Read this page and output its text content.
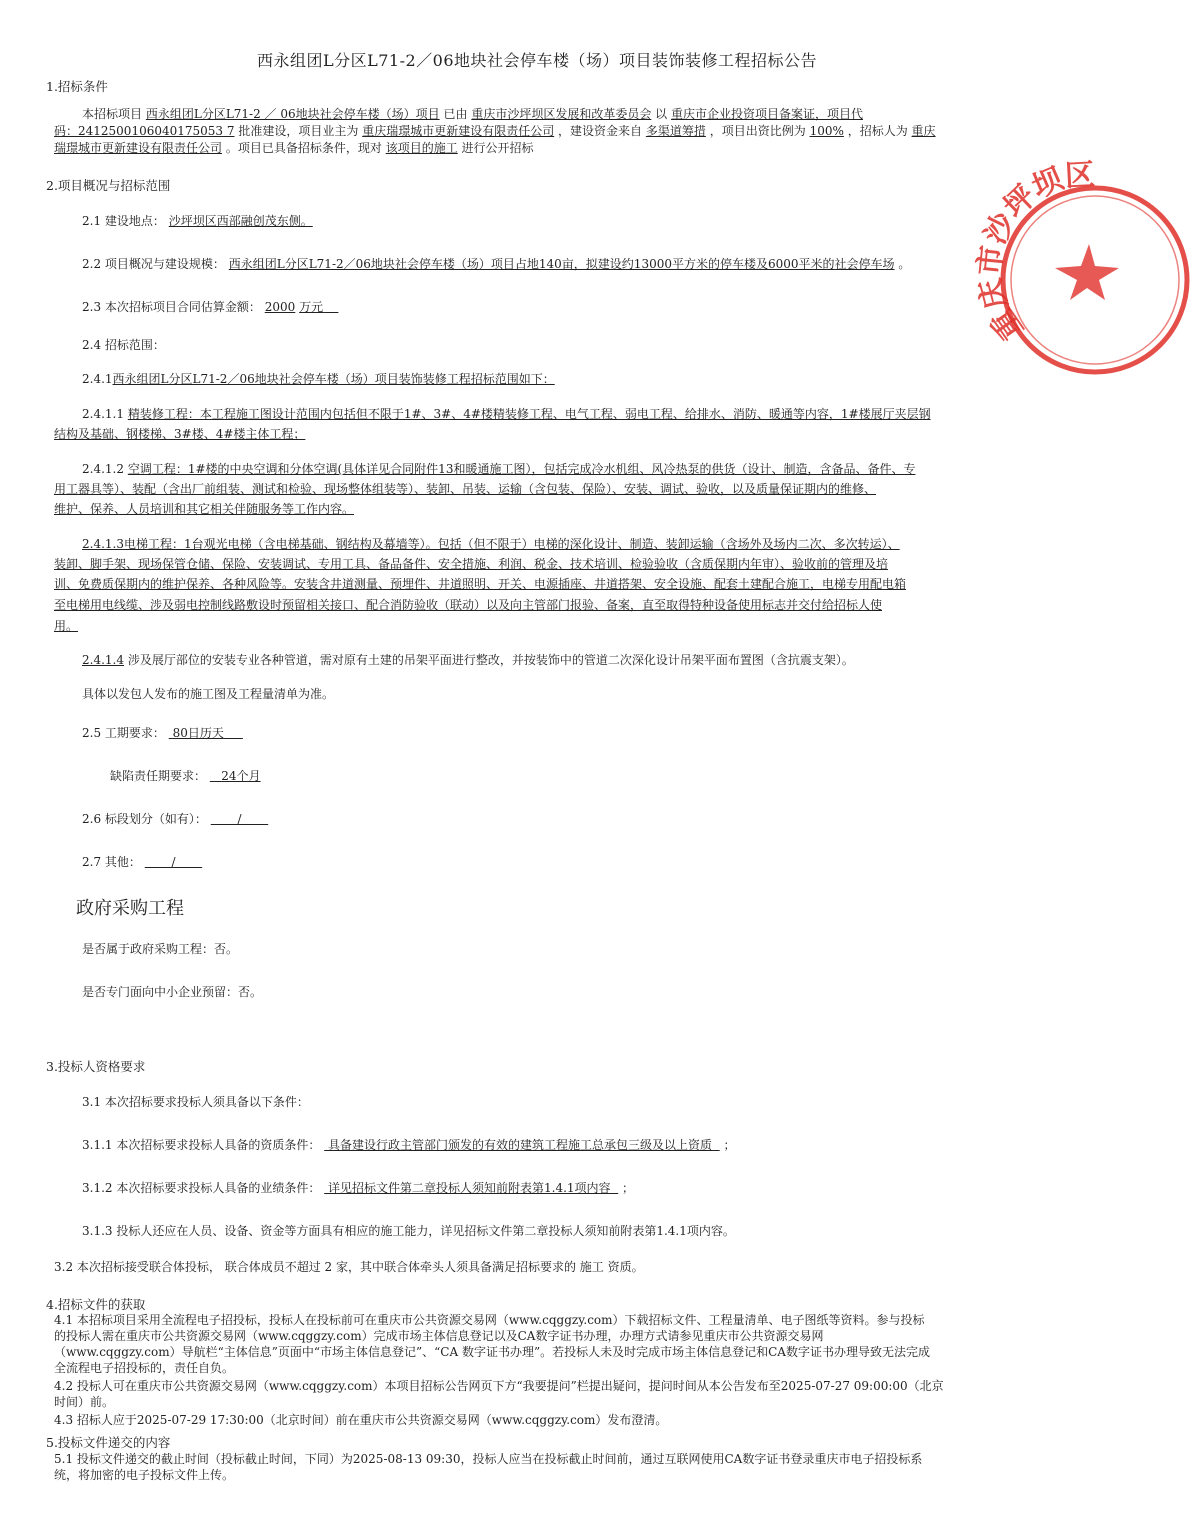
重庆市沙坪坝区
西永组团L分区L71-2／06地块社会停车楼（场）项目装饰装修工程招标公告
1.招标条件
本招标项目 西永组团L分区L71-2 ／ 06地块社会停车楼（场）项目 已由 重庆市沙坪坝区发展和改革委员会 以 重庆市企业投资项目备案证，项目代
码：2412500106040175053 7 批准建设，项目业主为 重庆瑞璟城市更新建设有限责任公司 ，建设资金来自 多渠道筹措 ，项目出资比例为 100% ，招标人为 重庆
瑞璟城市更新建设有限责任公司 。项目已具备招标条件，现对 该项目的施工 进行公开招标
2.项目概况与招标范围
2.1 建设地点： 沙坪坝区西部融创茂东侧。
2.2 项目概况与建设规模： 西永组团L分区L71-2／06地块社会停车楼（场）项目占地140亩，拟建设约13000平方米的停车楼及6000平米的社会停车场 。
2.3 本次招标项目合同估算金额： 2000 万元
2.4 招标范围：
2.4.1西永组团L分区L71-2／06地块社会停车楼（场）项目装饰装修工程招标范围如下：
2.4.1.1 精装修工程：本工程施工图设计范围内包括但不限于1#、3#、4#楼精装修工程、电气工程、弱电工程、给排水、消防、暖通等内容，1#楼展厅夹层钢
结构及基础、钢楼梯、3#楼、4#楼主体工程；
2.4.1.2 空调工程：1#楼的中央空调和分体空调(具体详见合同附件13和暖通施工图），包括完成冷水机组、风冷热泵的供货（设计、制造，含备品、备件、专
用工器具等）、装配（含出厂前组装、测试和检验、现场整体组装等）、装卸、吊装、运输（含包装、保险）、安装、调试、验收，以及质量保证期内的维修、
维护、保养、人员培训和其它相关伴随服务等工作内容。
2.4.1.3电梯工程：1台观光电梯（含电梯基础、钢结构及幕墙等）。包括（但不限于）电梯的深化设计、制造、装卸运输（含场外及场内二次、多次转运）、
装卸、脚手架、现场保管仓储、保险、安装调试、专用工具、备品备件、安全措施、利润、税金、技术培训、检验验收（含质保期内年审）、验收前的管理及培
训、免费质保期内的维护保养、各种风险等。安装含井道测量、预埋件、井道照明、开关、电源插座、井道搭架、安全设施、配套土建配合施工，电梯专用配电箱
至电梯用电线缆、涉及弱电控制线路敷设时预留相关接口、配合消防验收（联动）以及向主管部门报验、备案，直至取得特种设备使用标志并交付给招标人使
用。
2.4.1.4 涉及展厅部位的安装专业各种管道，需对原有土建的吊架平面进行整改，并按装饰中的管道二次深化设计吊架平面布置图（含抗震支架）。
具体以发包人发布的施工图及工程量清单为准。
2.5 工期要求： 80日历天
缺陷责任期要求： 24个月
2.6 标段划分（如有）：	/
2.7 其他：	/
政府采购工程
是否属于政府采购工程：否。
是否专门面向中小企业预留：否。
3.投标人资格要求
3.1 本次招标要求投标人须具备以下条件：
3.1.1 本次招标要求投标人具备的资质条件： 具备建设行政主管部门颁发的有效的建筑工程施工总承包三级及以上资质 ；
3.1.2 本次招标要求投标人具备的业绩条件： 详见招标文件第二章投标人须知前附表第1.4.1项内容 ；
3.1.3 投标人还应在人员、设备、资金等方面具有相应的施工能力，详见招标文件第二章投标人须知前附表第1.4.1项内容。
3.2 本次招标接受联合体投标， 联合体成员不超过 2 家，其中联合体牵头人须具备满足招标要求的 施工 资质。
4.招标文件的获取
4.1 本招标项目采用全流程电子招投标，投标人在投标前可在重庆市公共资源交易网（www.cqggzy.com）下载招标文件、工程量清单、电子图纸等资料。参与投标
的投标人需在重庆市公共资源交易网（www.cqggzy.com）完成市场主体信息登记以及CA数字证书办理，办理方式请参见重庆市公共资源交易网
（www.cqggzy.com）导航栏“主体信息”页面中“市场主体信息登记”、“CA 数字证书办理”。若投标人未及时完成市场主体信息登记和CA数字证书办理导致无法完成
全流程电子招投标的，责任自负。
4.2 投标人可在重庆市公共资源交易网（www.cqggzy.com）本项目招标公告网页下方“我要提问”栏提出疑问，提问时间从本公告发布至2025-07-27 09:00:00（北京
时间）前。
4.3 招标人应于2025-07-29 17:30:00（北京时间）前在重庆市公共资源交易网（www.cqggzy.com）发布澄清。
5.投标文件递交的内容
5.1 投标文件递交的截止时间（投标截止时间，下同）为2025-08-13 09:30，投标人应当在投标截止时间前，通过互联网使用CA数字证书登录重庆市电子招投标系
统，将加密的电子投标文件上传。
